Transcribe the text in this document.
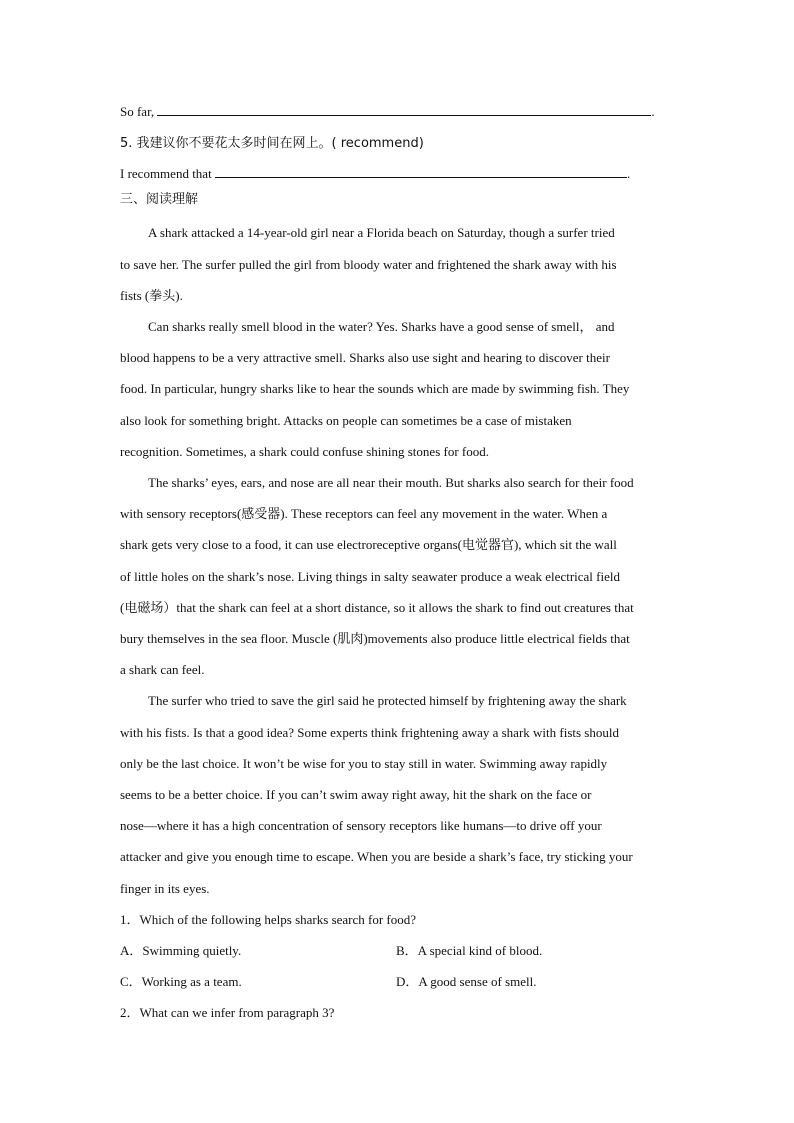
So far,	.
5. 我建议你不要花太多时间在网上。( recommend)
I recommend that	.
三、阅读理解
A shark attacked a 14-year-old girl near a Florida beach on Saturday, though a surfer tried
to save her. The surfer pulled the girl from bloody water and frightened the shark away with his
fists (拳头).
Can sharks really smell blood in the water? Yes. Sharks have a good sense of smell， and
blood happens to be a very attractive smell. Sharks also use sight and hearing to discover their
food. In particular, hungry sharks like to hear the sounds which are made by swimming fish. They
also look for something bright. Attacks on people can sometimes be a case of mistaken
recognition. Sometimes, a shark could confuse shining stones for food.
The sharks’ eyes, ears, and nose are all near their mouth. But sharks also search for their food
with sensory receptors(感受器). These receptors can feel any movement in the water. When a
shark gets very close to a food, it can use electroreceptive organs(电觉器官), which sit the wall
of little holes on the shark’s nose. Living things in salty seawater produce a weak electrical field
(电磁场）that the shark can feel at a short distance, so it allows the shark to find out creatures that
bury themselves in the sea floor. Muscle (肌肉)movements also produce little electrical fields that
a shark can feel.
The surfer who tried to save the girl said he protected himself by frightening away the shark
with his fists. Is that a good idea? Some experts think frightening away a shark with fists should
only be the last choice. It won’t be wise for you to stay still in water. Swimming away rapidly
seems to be a better choice. If you can’t swim away right away, hit the shark on the face or
nose—where it has a high concentration of sensory receptors like humans—to drive off your
attacker and give you enough time to escape. When you are beside a shark’s face, try sticking your
finger in its eyes.
1．Which of the following helps sharks search for food?
A．Swimming quietly.	B．A special kind of blood.
C．Working as a team.	D．A good sense of smell.
2．What can we infer from paragraph 3?
